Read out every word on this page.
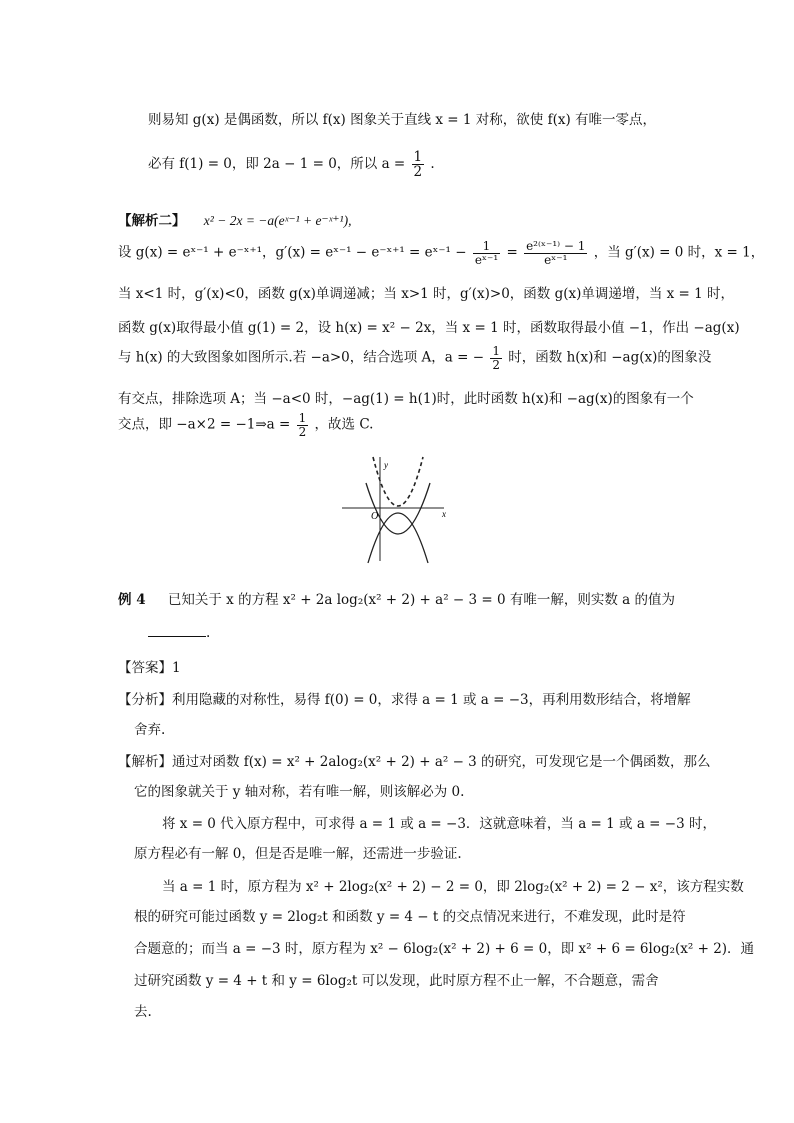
则易知 g(x) 是偶函数，所以 f(x) 图象关于直线 x = 1 对称，欲使 f(x) 有唯一零点，
必有 f(1) = 0，即 2a − 1 = 0，所以 $a = \frac{1}{2}$ .
【解析二】 x² − 2x = −a(eˣ⁻¹ + e⁻ˣ⁺¹),
设 g(x) = eˣ⁻¹ + e⁻ˣ⁺¹，g′(x) = eˣ⁻¹ − e⁻ˣ⁺¹ = eˣ⁻¹ − $\frac{1}{\text{eˣ⁻¹}} = \frac{\text{e²⁽ˣ⁻¹⁾ − 1}}{\text{eˣ⁻¹}}$ ，当 g′(x) = 0 时，x = 1，
当 x<1 时，g′(x)<0，函数 g(x)单调递减；当 x>1 时，g′(x)>0，函数 g(x)单调递增，当 x = 1 时，
函数 g(x)取得最小值 g(1) = 2，设 h(x) = x² − 2x，当 x = 1 时，函数取得最小值 −1，作出 −ag(x)
与 h(x) 的大致图象如图所示.若 −a>0，结合选项 A，a = − $\frac{1}{2}$ 时，函数 h(x)和 −ag(x)的图象没
有交点，排除选项 A；当 −a<0 时，−ag(1) = h(1)时，此时函数 h(x)和 −ag(x)的图象有一个
交点，即 −a×2 = −1⇒a = $\frac{1}{2}$ ，故选 C.
y
x
O
例 4 已知关于 x 的方程 x² + 2a log₂(x² + 2) + a² − 3 = 0 有唯一解，则实数 a 的值为
.
【答案】1
【分析】利用隐藏的对称性，易得 f(0) = 0，求得 a = 1 或 a = −3，再利用数形结合，将增解
舍弃.
【解析】通过对函数 f(x) = x² + 2alog₂(x² + 2) + a² − 3 的研究，可发现它是一个偶函数，那么
它的图象就关于 y 轴对称，若有唯一解，则该解必为 0.
将 x = 0 代入原方程中，可求得 a = 1 或 a = −3．这就意味着，当 a = 1 或 a = −3 时，
原方程必有一解 0，但是否是唯一解，还需进一步验证.
当 a = 1 时，原方程为 x² + 2log₂(x² + 2) − 2 = 0，即 2log₂(x² + 2) = 2 − x²，该方程实数
根的研究可能过函数 y = 2log₂t 和函数 y = 4 − t 的交点情况来进行，不难发现，此时是符
合题意的；而当 a = −3 时，原方程为 x² − 6log₂(x² + 2) + 6 = 0，即 x² + 6 = 6log₂(x² + 2)．通
过研究函数 y = 4 + t 和 y = 6log₂t 可以发现，此时原方程不止一解，不合题意，需舍
去.
